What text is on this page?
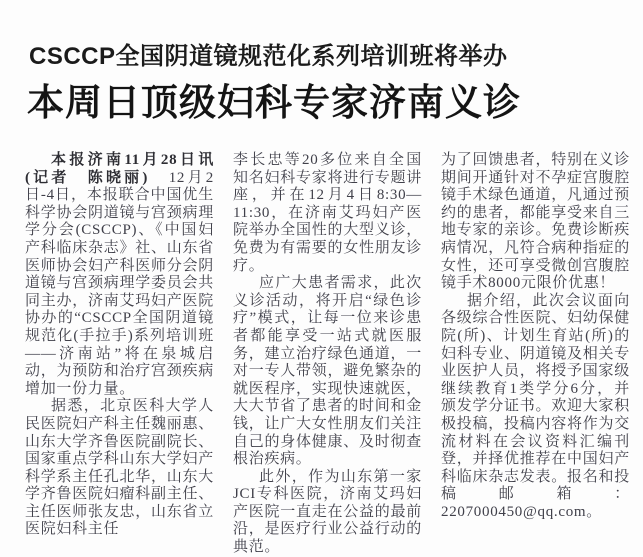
CSCCP全国阴道镜规范化系列培训班将举办
本周日顶级妇科专家济南义诊

本报济南11月28日讯(记者　陈晓丽)　12月2日-4日，本报联合中国优生科学协会阴道镜与宫颈病理学分会(CSCCP)、《中国妇产科临床杂志》社、山东省医师协会妇产科医师分会阴道镜与宫颈病理学委员会共同主办，济南艾玛妇产医院协办的“CSCCP全国阴道镜规范化(手拉手)系列培训班——济南站”将在泉城启动，为预防和治疗宫颈疾病增加一份力量。

据悉，北京医科大学人民医院妇产科主任魏丽惠、山东大学齐鲁医院副院长、国家重点学科山东大学妇产科学系主任孔北华，山东大学齐鲁医院妇瘤科副主任、主任医师张友忠，山东省立医院妇科主任

李长忠等20多位来自全国知名妇科专家将进行专题讲座，并在12月4日8:30—11:30，在济南艾玛妇产医院举办全国性的大型义诊，免费为有需要的女性朋友诊疗。

应广大患者需求，此次义诊活动，将开启“绿色诊疗”模式，让每一位来诊患者都能享受一站式就医服务，建立治疗绿色通道，一对一专人带领，避免繁杂的就医程序，实现快速就医，大大节省了患者的时间和金钱，让广大女性朋友们关注自己的身体健康、及时彻查根治疾病。

此外，作为山东第一家JCI专科医院，济南艾玛妇产医院一直走在公益的最前沿，是医疗行业公益行动的典范。

为了回馈患者，特别在义诊期间开通针对不孕症宫腹腔镜手术绿色通道，凡通过预约的患者，都能享受来自三地专家的亲诊。免费诊断疾病情况，凡符合病种指症的女性，还可享受微创宫腹腔镜手术8000元限价优惠！

据介绍，此次会议面向各级综合性医院、妇幼保健院(所)、计划生育站(所)的妇科专业、阴道镜及相关专业医护人员，将授予国家级继续教育1类学分6分，并颁发学分证书。欢迎大家积极投稿，投稿内容将作为交流材料在会议资料汇编刊登，并择优推荐在中国妇产科临床杂志发表。报名和投稿邮箱：2207000450@qq.com。
